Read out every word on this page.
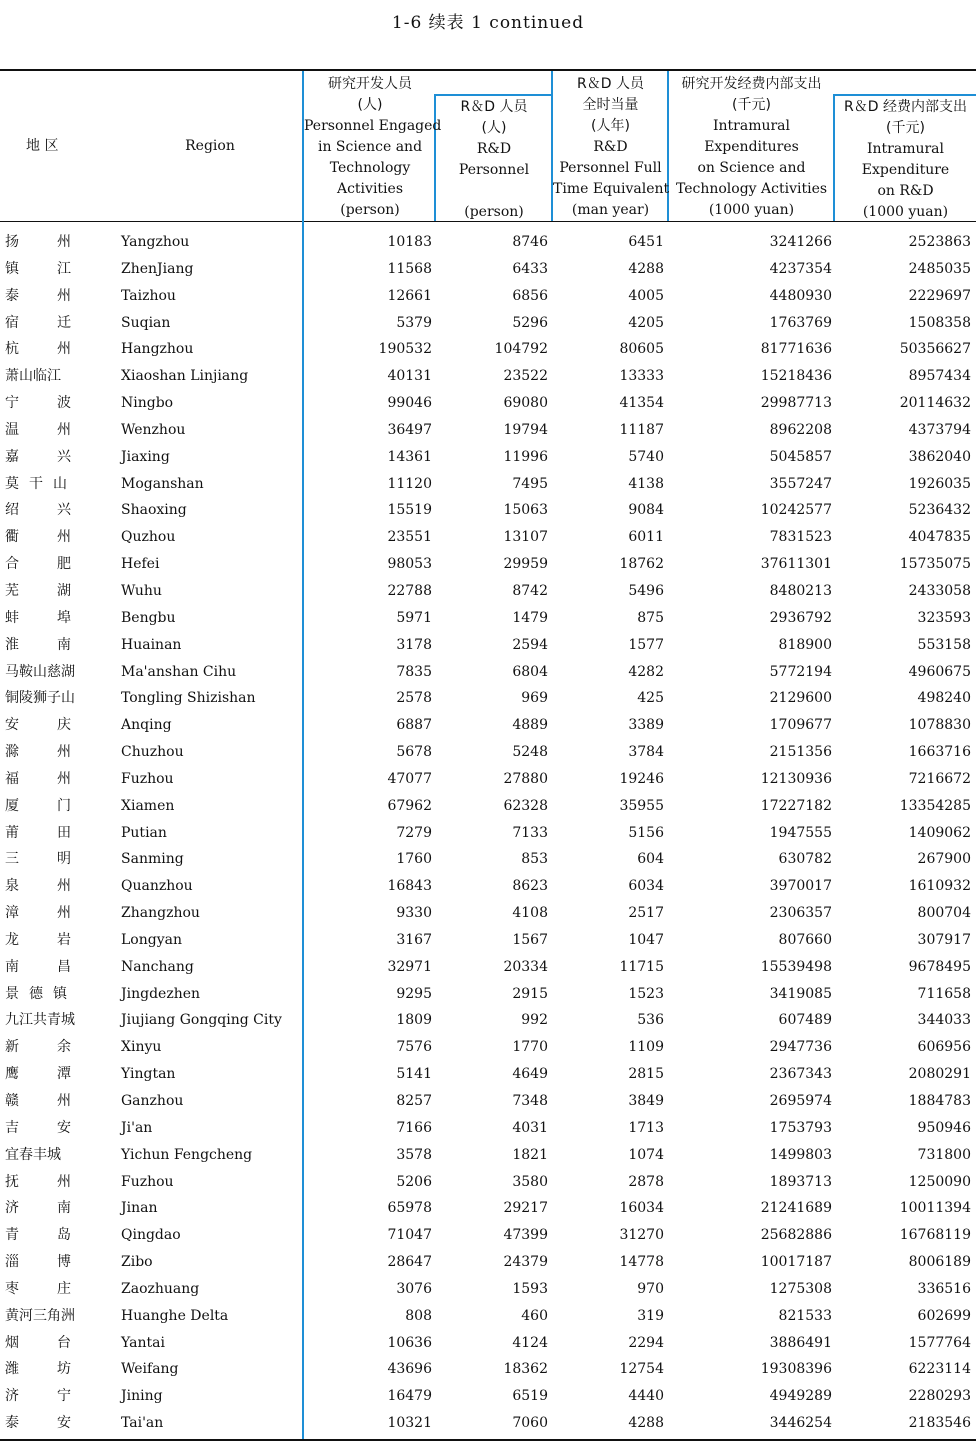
1-6 续表 1 continued
地 区	Region
研究开发人员
(人)
Personnel Engaged
in Science and
Technology
Activities
(person)
R＆D 人员
(人)
R&D
Personnel
(person)
R＆D 人员
全时当量
(人年)
R&D
Personnel Full
Time Equivalent
(man year)
研究开发经费内部支出
(千元)
Intramural
Expenditures
on Science and
Technology Activities
(1000 yuan)
R＆D 经费内部支出
(千元)
Intramural
Expenditure
on R&D
(1000 yuan)
扬	州	Yangzhou	10183	8746	6451	3241266	2523863
镇	江	ZhenJiang	11568	6433	4288	4237354	2485035
泰	州	Taizhou	12661	6856	4005	4480930	2229697
宿	迁	Suqian	5379	5296	4205	1763769	1508358
杭	州	Hangzhou	190532	104792	80605	81771636	50356627
萧山临江	Xiaoshan Linjiang	40131	23522	13333	15218436	8957434
宁	波	Ningbo	99046	69080	41354	29987713	20114632
温	州	Wenzhou	36497	19794	11187	8962208	4373794
嘉	兴	Jiaxing	14361	11996	5740	5045857	3862040
莫干山	Moganshan	11120	7495	4138	3557247	1926035
绍	兴	Shaoxing	15519	15063	9084	10242577	5236432
衢	州	Quzhou	23551	13107	6011	7831523	4047835
合	肥	Hefei	98053	29959	18762	37611301	15735075
芜	湖	Wuhu	22788	8742	5496	8480213	2433058
蚌	埠	Bengbu	5971	1479	875	2936792	323593
淮	南	Huainan	3178	2594	1577	818900	553158
马鞍山慈湖	Ma'anshan Cihu	7835	6804	4282	5772194	4960675
铜陵狮子山	Tongling Shizishan	2578	969	425	2129600	498240
安	庆	Anqing	6887	4889	3389	1709677	1078830
滁	州	Chuzhou	5678	5248	3784	2151356	1663716
福	州	Fuzhou	47077	27880	19246	12130936	7216672
厦	门	Xiamen	67962	62328	35955	17227182	13354285
莆	田	Putian	7279	7133	5156	1947555	1409062
三	明	Sanming	1760	853	604	630782	267900
泉	州	Quanzhou	16843	8623	6034	3970017	1610932
漳	州	Zhangzhou	9330	4108	2517	2306357	800704
龙	岩	Longyan	3167	1567	1047	807660	307917
南	昌	Nanchang	32971	20334	11715	15539498	9678495
景德镇	Jingdezhen	9295	2915	1523	3419085	711658
九江共青城	Jiujiang Gongqing City	1809	992	536	607489	344033
新	余	Xinyu	7576	1770	1109	2947736	606956
鹰	潭	Yingtan	5141	4649	2815	2367343	2080291
赣	州	Ganzhou	8257	7348	3849	2695974	1884783
吉	安	Ji'an	7166	4031	1713	1753793	950946
宜春丰城	Yichun Fengcheng	3578	1821	1074	1499803	731800
抚	州	Fuzhou	5206	3580	2878	1893713	1250090
济	南	Jinan	65978	29217	16034	21241689	10011394
青	岛	Qingdao	71047	47399	31270	25682886	16768119
淄	博	Zibo	28647	24379	14778	10017187	8006189
枣	庄	Zaozhuang	3076	1593	970	1275308	336516
黄河三角洲	Huanghe Delta	808	460	319	821533	602699
烟	台	Yantai	10636	4124	2294	3886491	1577764
潍	坊	Weifang	43696	18362	12754	19308396	6223114
济	宁	Jining	16479	6519	4440	4949289	2280293
泰	安	Tai'an	10321	7060	4288	3446254	2183546
